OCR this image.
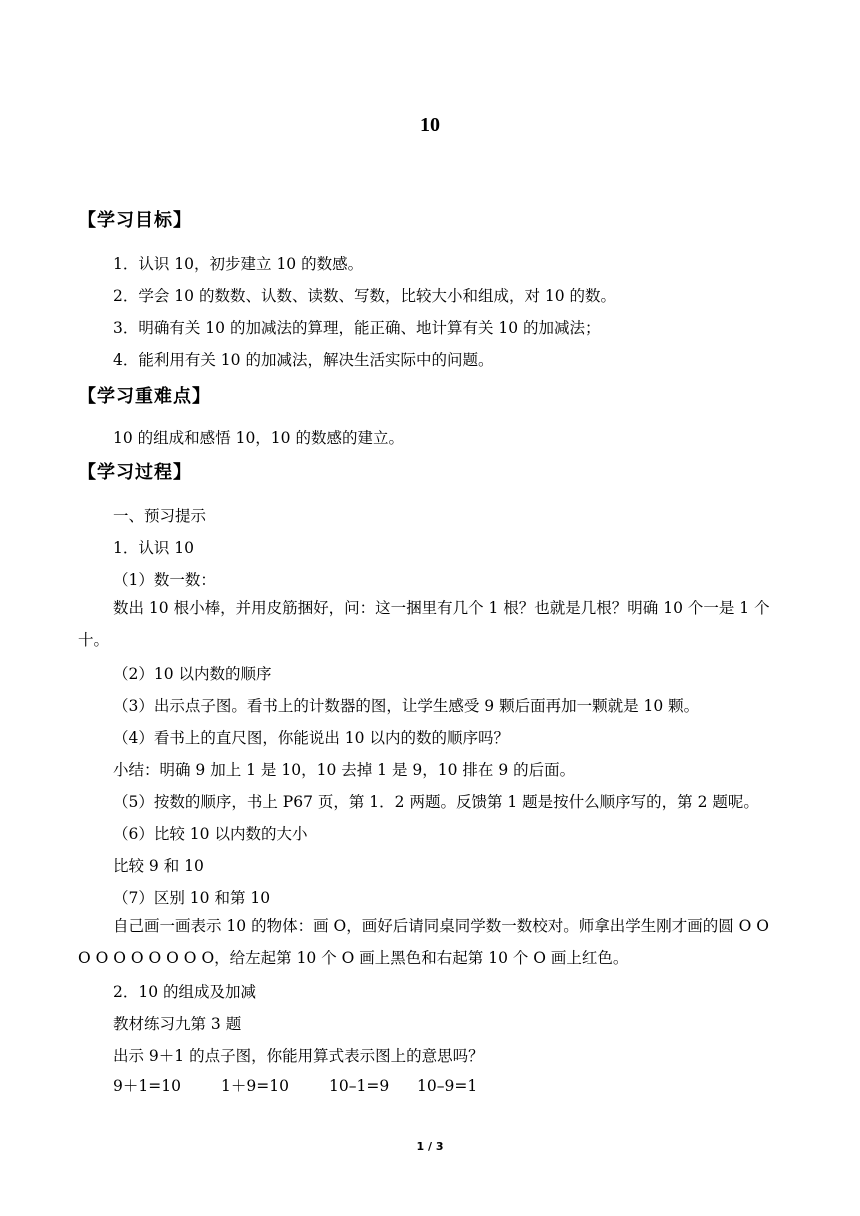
10
【学习目标】
1．认识 10，初步建立 10 的数感。
2．学会 10 的数数、认数、读数、写数，比较大小和组成，对 10 的数。
3．明确有关 10 的加减法的算理，能正确、地计算有关 10 的加减法；
4．能利用有关 10 的加减法，解决生活实际中的问题。
【学习重难点】
10 的组成和感悟 10，10 的数感的建立。
【学习过程】
一、预习提示
1．认识 10
（1）数一数：
数出 10 根小棒，并用皮筋捆好，问：这一捆里有几个 1 根？也就是几根？明确 10 个一是 1 个十。
（2）10 以内数的顺序
（3）出示点子图。看书上的计数器的图，让学生感受 9 颗后面再加一颗就是 10 颗。
（4）看书上的直尺图，你能说出 10 以内的数的顺序吗？
小结：明确 9 加上 1 是 10，10 去掉 1 是 9，10 排在 9 的后面。
（5）按数的顺序，书上 P67 页，第 1．2 两题。反馈第 1 题是按什么顺序写的，第 2 题呢。
（6）比较 10 以内数的大小
比较 9 和 10
（7）区别 10 和第 10
自己画一画表示 10 的物体：画 O，画好后请同桌同学数一数校对。师拿出学生刚才画的圆 O O O O O O O O O O，给左起第 10 个 O 画上黑色和右起第 10 个 O 画上红色。
2．10 的组成及加减
教材练习九第 3 题
出示 9＋1 的点子图，你能用算式表示图上的意思吗？
9＋1=10	1＋9=10	10–1=9 10–9=1
1 / 3
